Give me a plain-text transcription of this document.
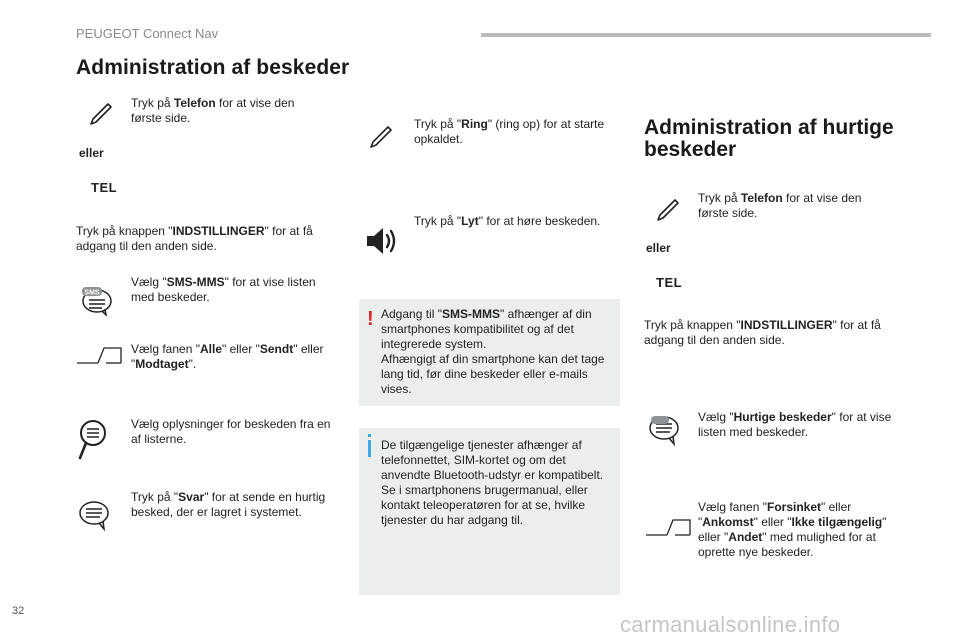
PEUGEOT Connect Nav
Administration af beskeder
Tryk på Telefon for at vise den første side.
eller
TEL
Tryk på knappen "INDSTILLINGER" for at få adgang til den anden side.
SMS
Vælg "SMS-MMS" for at vise listen med beskeder.
Vælg fanen "Alle" eller "Sendt" eller "Modtaget".
Vælg oplysninger for beskeden fra en af listerne.
Tryk på "Svar" for at sende en hurtig besked, der er lagret i systemet.
Tryk på "Ring" (ring op) for at starte opkaldet.
Tryk på "Lyt" for at høre beskeden.
! Adgang til "SMS-MMS" afhænger af din smartphones kompatibilitet og af det integrerede system.
Afhængigt af din smartphone kan det tage lang tid, før dine beskeder eller e-mails vises.
De tilgængelige tjenester afhænger af telefonnettet, SIM-kortet og om det anvendte Bluetooth-udstyr er kompatibelt. Se i smartphonens brugermanual, eller kontakt teleoperatøren for at se, hvilke tjenester du har adgang til.
Administration af hurtige beskeder
Tryk på Telefon for at vise den første side.
eller
TEL
Tryk på knappen "INDSTILLINGER" for at få adgang til den anden side.
Vælg "Hurtige beskeder" for at vise listen med beskeder.
Vælg fanen "Forsinket" eller "Ankomst" eller "Ikke tilgængelig" eller "Andet" med mulighed for at oprette nye beskeder.
32
carmanualsonline.info
